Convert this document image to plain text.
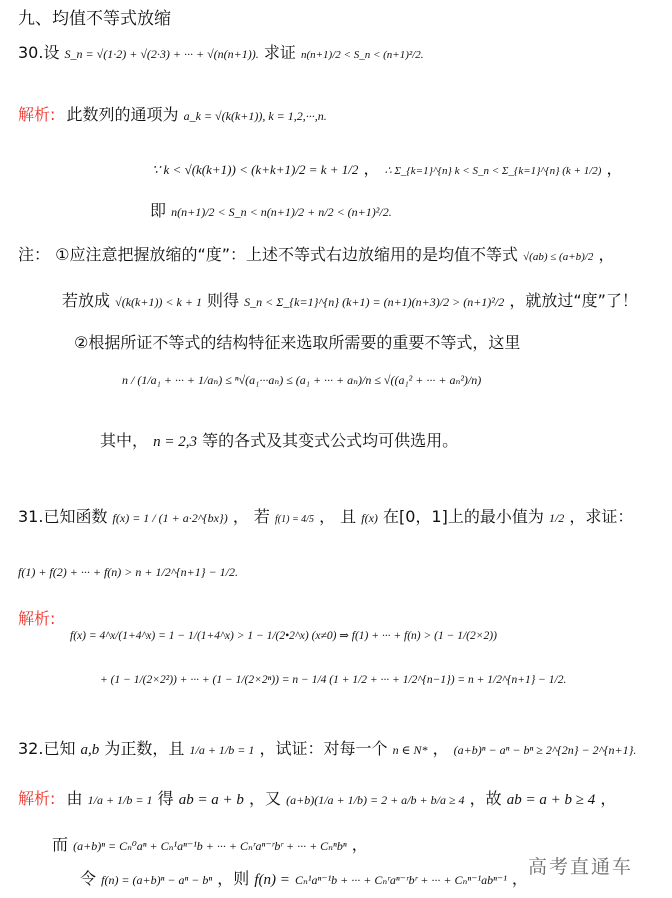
九、均值不等式放缩
30.设 S_n = √(1·2) + √(2·3) + ··· + √(n(n+1)). 求证 n(n+1)/2 < S_n < (n+1)²/2.
解析: 此数列的通项为 a_k = √(k(k+1)), k = 1,2,···,n.
∵ k < √(k(k+1)) < (k+k+1)/2 = k + 1/2 ， ∴ Σ_{k=1}^{n} k < S_n < Σ_{k=1}^{n} (k + 1/2) ，
即 n(n+1)/2 < S_n < n(n+1)/2 + n/2 < (n+1)²/2.
注： ①应注意把握放缩的“度”：上述不等式右边放缩用的是均值不等式 √(ab) ≤ (a+b)/2 ，
若放成 √(k(k+1)) < k + 1 则得 S_n < Σ_{k=1}^{n} (k+1) = (n+1)(n+3)/2 > (n+1)²/2 ，就放过“度”了！
②根据所证不等式的结构特征来选取所需要的重要不等式，这里
n / (1/a₁ + ··· + 1/aₙ) ≤ ⁿ√(a₁···aₙ) ≤ (a₁ + ··· + aₙ)/n ≤ √((a₁² + ··· + aₙ²)/n)
其中， n = 2,3 等的各式及其变式公式均可供选用。
31.已知函数 f(x) = 1 / (1 + a·2^{bx}) ， 若 f(1) = 4/5 ， 且 f(x) 在[0，1]上的最小值为 1/2 ，求证：
f(1) + f(2) + ··· + f(n) > n + 1/2^{n+1} − 1/2.
解析:
f(x) = 4^x/(1+4^x) = 1 − 1/(1+4^x) > 1 − 1/(2•2^x) (x≠0) ⇒ f(1) + ··· + f(n) > (1 − 1/(2×2))
+ (1 − 1/(2×2²)) + ··· + (1 − 1/(2×2ⁿ)) = n − 1/4 (1 + 1/2 + ··· + 1/2^{n−1}) = n + 1/2^{n+1} − 1/2.
32.已知 a,b 为正数，且 1/a + 1/b = 1 ，试证：对每一个 n ∈ N* ， (a+b)ⁿ − aⁿ − bⁿ ≥ 2^{2n} − 2^{n+1}.
解析: 由 1/a + 1/b = 1 得 ab = a + b ，又 (a+b)(1/a + 1/b) = 2 + a/b + b/a ≥ 4 ，故 ab = a + b ≥ 4 ，
而 (a+b)ⁿ = Cₙ⁰aⁿ + Cₙ¹aⁿ⁻¹b + ··· + Cₙʳaⁿ⁻ʳbʳ + ··· + Cₙⁿbⁿ ，
令 f(n) = (a+b)ⁿ − aⁿ − bⁿ ，则 f(n) = Cₙ¹aⁿ⁻¹b + ··· + Cₙʳaⁿ⁻ʳbʳ + ··· + Cₙⁿ⁻¹abⁿ⁻¹ ，
高考直通车
